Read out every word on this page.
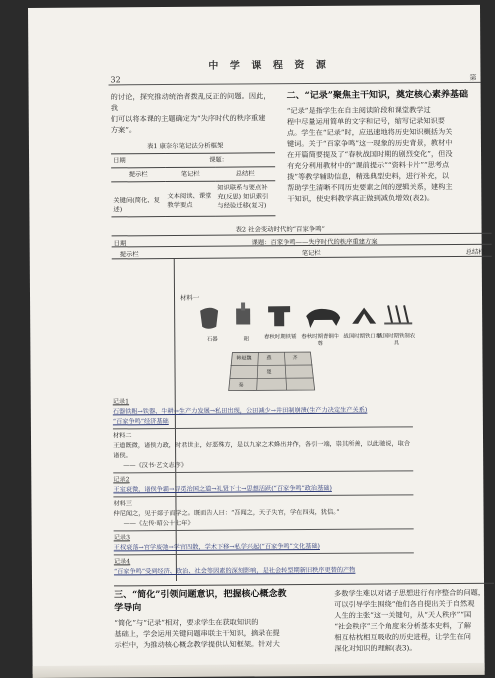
中 学 课 程 资 源
32	第
的讨论，探究推动统治者拨乱反正的问题。因此，我
们可以将本课的主题确定为“失序时代的秩序重建
方案”。
表1 康奈尔笔记法分析框架
日期	课题：	
提示栏	笔记栏	总结栏
关键问(简化、复述)	文本阅读、课堂教学要点	知识联系与要点补充(反思) 知识索引与经验迁移(复习)
二、“记录”聚焦主干知识，奠定核心素养基础
“记录”是指学生在自主阅读阶段和课堂教学过
程中尽量运用简单的文字和记号，缩写记录知识要
点。学生在“记录”时，应迅速地将历史知识概括为关
键词。关于“百家争鸣”这一现象的历史背景，教材中
在开篇简要提及了“春秋战国时期的剧烈变化”，但没
有充分利用教材中的“课前提示”“资料卡片”“思考点
拨”等教学辅助信息，精选典型史料，进行补充，以
帮助学生清晰不同历史要素之间的逻辑关系，建构主
干知识，使史料教学真正做到减负增效(表2)。
表2 社会变动时代的“百家争鸣”
日期	课题：百家争鸣——失序时代的秩序重建方案
提示栏	笔记栏	总结栏
材料一
石器	耜	春秋时期铁锸 春秋时期青铜牛尊
战国时期铁口犁
战国时期铁制农具
韩赵魏	燕	齐
楚
秦
记录1
石器铁耜→铁器、牛耕→生产力发展→私田出现，公田减少→井田制崩溃(生产力决定生产关系)
“百家争鸣”经济基础
材料二
王道既微，诸侯力政，时君世主，好恶殊方，是以九家之术蜂出并作，各引一端，崇其所善，以此驰说，取合诸侯。
——《汉书·艺文志序》
记录2
王室衰微，诸侯争霸→寻觅治国之道→礼贤下士→思想活跃(“百家争鸣”政治基础)
材料三
仲尼闻之，见于郯子而学之。既而告人曰：“吾闻之，天子失官，学在四夷，犹信。”
——《左传·昭公十七年》
记录3
王权衰落→官学废弛→学官四散，学术下移→私学兴起(“百家争鸣”文化基础)
记录4
“百家争鸣”受到经济、政治、社会等因素的深刻影响，是社会转型期新旧秩序更替的产物
三、“简化”引领问题意识，把握核心概念教学导向
“简化”与“记录”相对，要求学生在获取知识的
基础上，学会运用关键问题串联主干知识，摘录在提
示栏中，为推动核心概念教学提供认知框架。针对大
多数学生难以对诸子思想进行有序整合的问题，
可以引导学生围绕“他们各自提出关于自然观
人生的主张”这一关键句，从“天人秩序”“国
“社会秩序”三个角度来分析基本史料，了解
相互枯枕相互吸收的历史进程，让学生在问
深化对知识的理解(表3)。
